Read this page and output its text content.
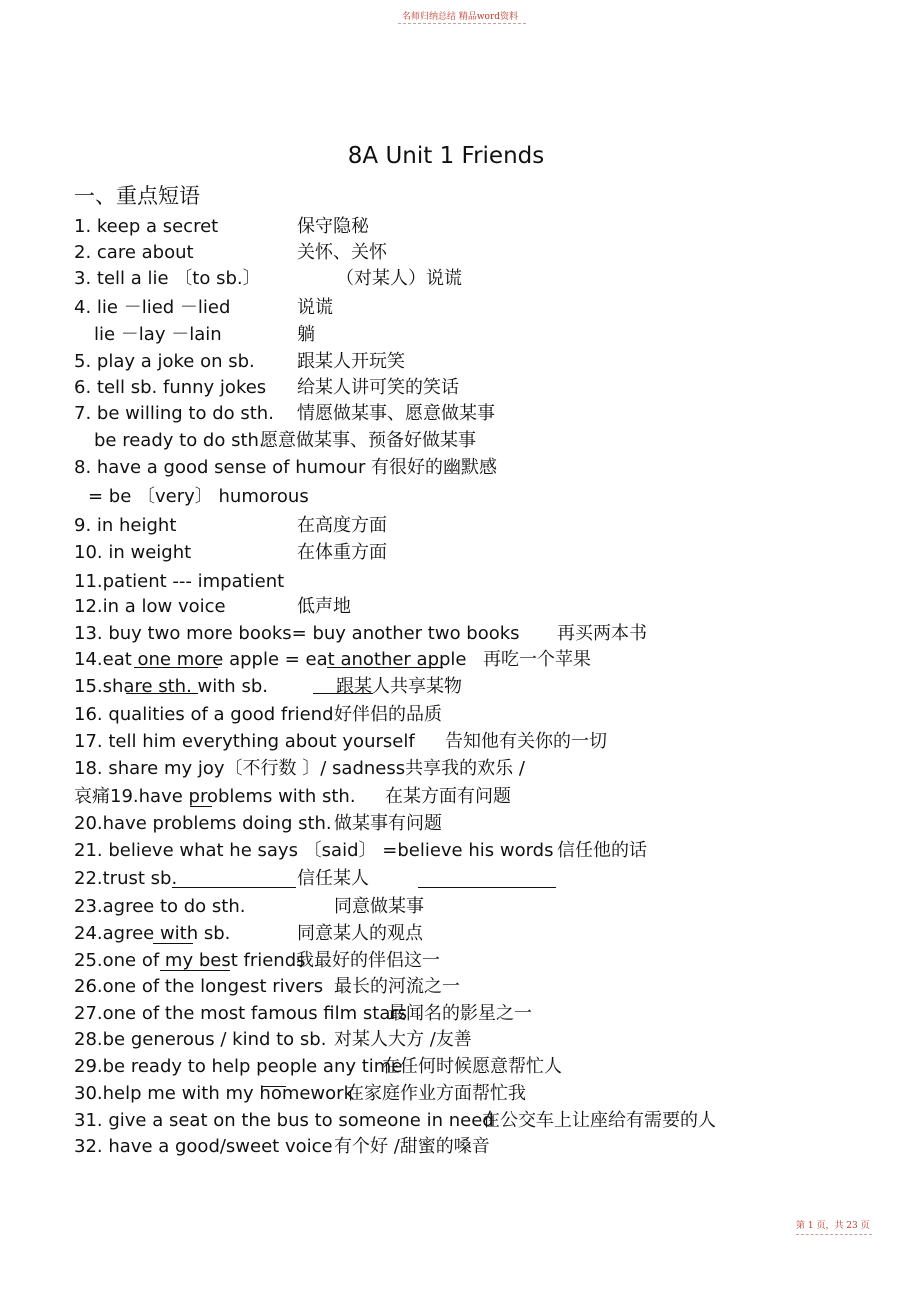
名师归纳总结 精品word资料
8A Unit 1 Friends
一、重点短语
1. keep a secret	保守隐秘
2. care about	关怀、关怀
3. tell a lie 〔to sb.〕	（对某人）说谎
4. lie －lied －lied	说谎
lie －lay －lain	躺
5. play a joke on sb. 跟某人开玩笑
6. tell sb. funny jokes 给某人讲可笑的笑话
7. be willing to do sth. 情愿做某事、愿意做某事
be ready to do sth.
愿意做某事、预备好做某事
8. have a good sense of humour 有很好的幽默感
= be 〔very〕 humorous
9. in height	在高度方面
10. in weight	在体重方面
11.patient --- impatient
12.in a low voice	低声地
13. buy two more books= buy another two books 再买两本书
14.eat one more apple = eat another apple 再吃一个苹果
15.share sth. with sb.	跟某人共享某物
16. qualities of a good friend 好伴侣的品质
17. tell him everything about yourself 告知他有关你的一切
18. share my joy〔不行数 〕/ sadness共享我的欢乐 /
哀痛19.have problems with sth. 在某方面有问题
20.have problems doing sth. 做某事有问题
21. believe what he says 〔said〕 =believe his words 信任他的话
22.trust sb.	信任某人
23.agree to do sth.	同意做某事
24.agree with sb.	同意某人的观点
25.one of my best friends
我最好的伴侣这一
26.one of the longest rivers 最长的河流之一
27.one of the most famous film stars
最闻名的影星之一
28.be generous / kind to sb. 对某人大方 /友善
29.be ready to help people any time
在任何时候愿意帮忙人
30.help me with my homework
在家庭作业方面帮忙我
31. give a seat on the bus to someone in need
在公交车上让座给有需要的人
32. have a good/sweet voice 有个好 /甜蜜的嗓音
第 1 页，共 23 页
